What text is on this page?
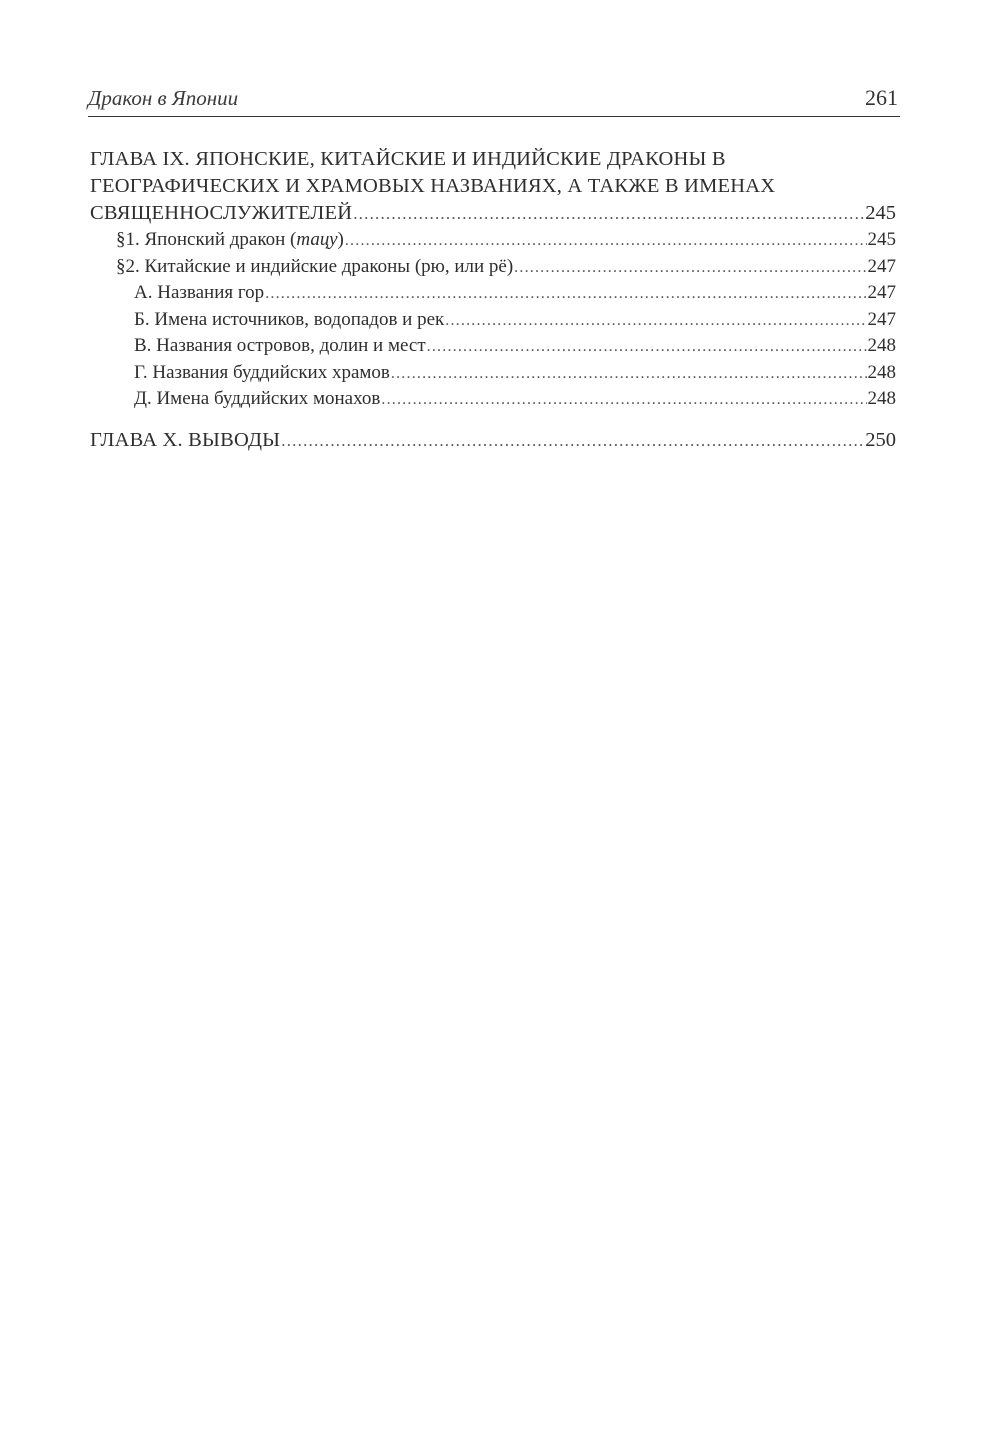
Дракон в Японии	261
ГЛАВА IX. ЯПОНСКИЕ, КИТАЙСКИЕ И ИНДИЙСКИЕ ДРАКОНЫ В
ГЕОГРАФИЧЕСКИХ И ХРАМОВЫХ НАЗВАНИЯХ, А ТАКЖЕ В ИМЕНАХ
СВЯЩЕННОСЛУЖИТЕЛЕЙ .....	245
§1. Японский дракон (тацу) .....	245
§2. Китайские и индийские драконы (рю, или рё) .....	247
А. Названия гор .....	247
Б. Имена источников, водопадов и рек .....	247
В. Названия островов, долин и мест .....	248
Г. Названия буддийских храмов .....	248
Д. Имена буддийских монахов .....	248
ГЛАВА X. ВЫВОДЫ .....	250
